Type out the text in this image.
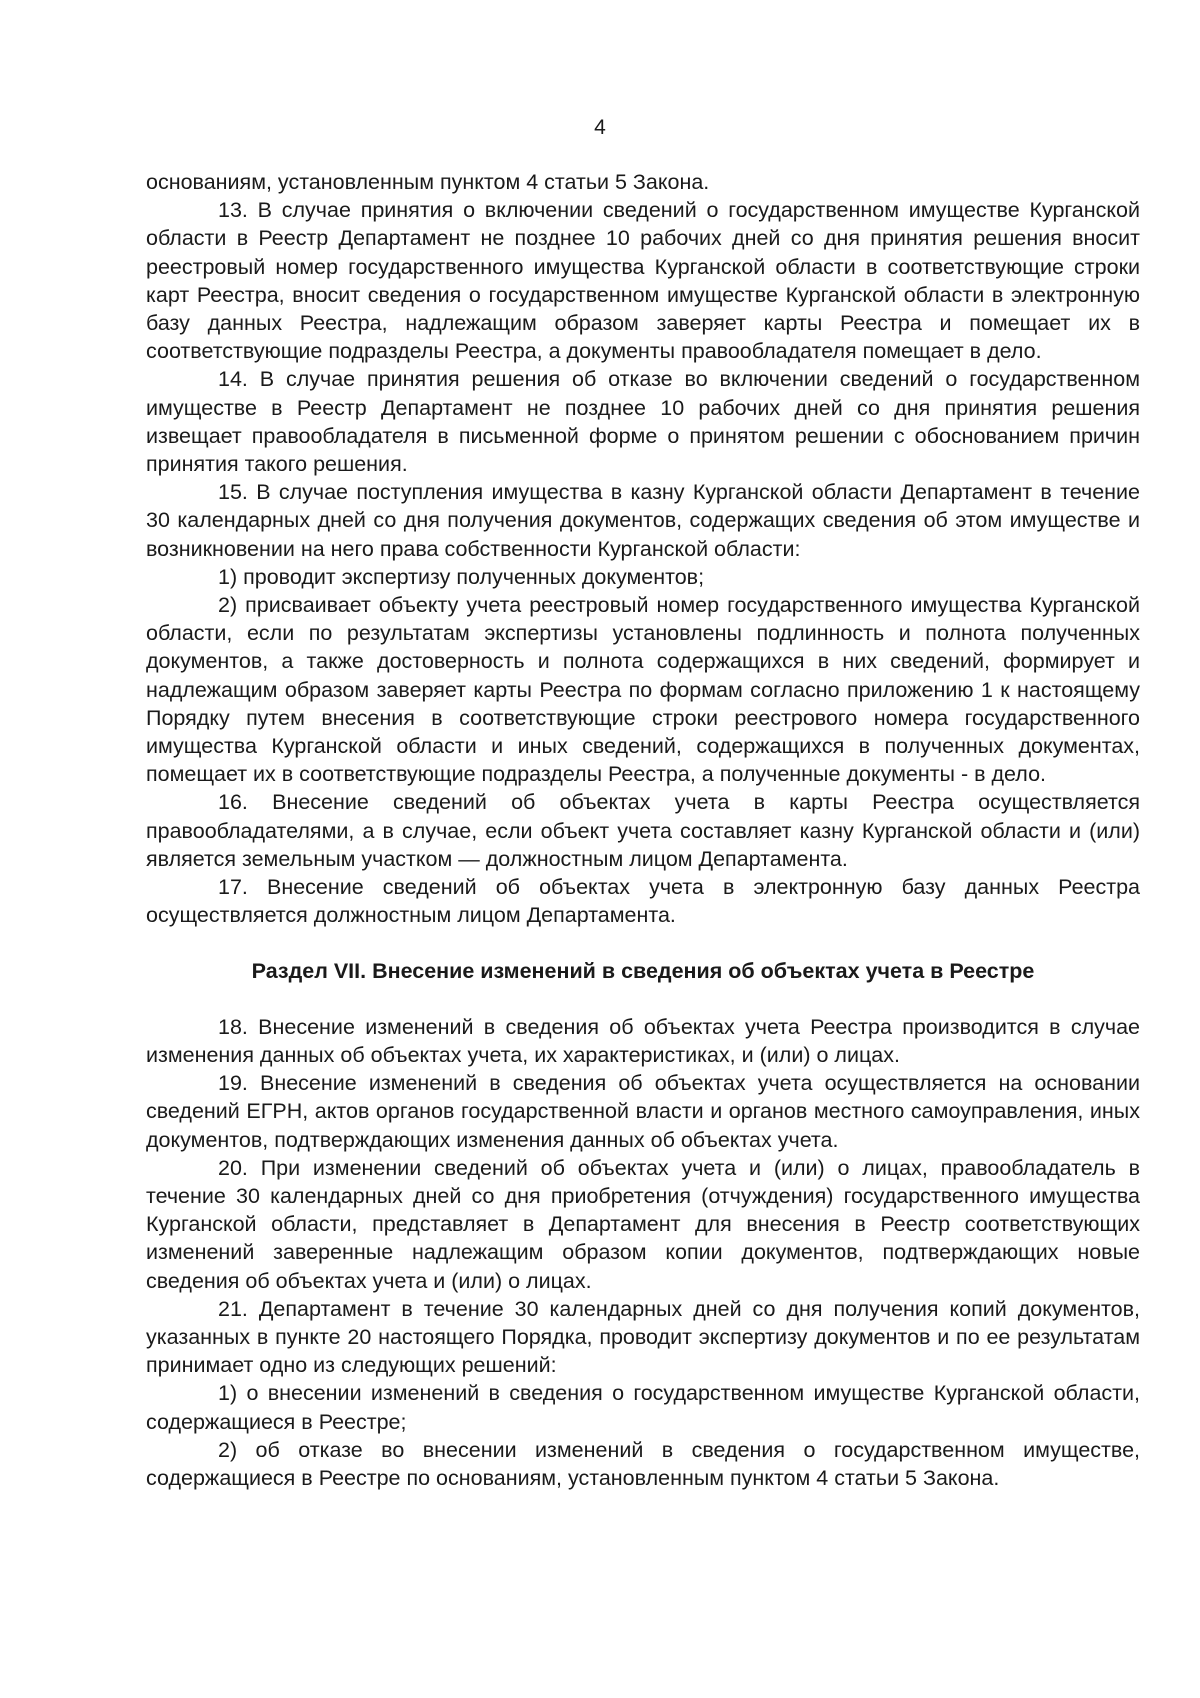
4

основаниям, установленным пунктом 4 статьи 5 Закона.

13. В случае принятия о включении сведений о государственном имуществе Курганской области в Реестр Департамент не позднее 10 рабочих дней со дня принятия решения вносит реестровый номер государственного имущества Курганской области в соответствующие строки карт Реестра, вносит сведения о государственном имуществе Курганской области в электронную базу данных Реестра, надлежащим образом заверяет карты Реестра и помещает их в соответствующие подразделы Реестра, а документы правообладателя помещает в дело.

14. В случае принятия решения об отказе во включении сведений о государственном имуществе в Реестр Департамент не позднее 10 рабочих дней со дня принятия решения извещает правообладателя в письменной форме о принятом решении с обоснованием причин принятия такого решения.

15. В случае поступления имущества в казну Курганской области Департамент в течение 30 календарных дней со дня получения документов, содержащих сведения об этом имуществе и возникновении на него права собственности Курганской области:

1) проводит экспертизу полученных документов;

2) присваивает объекту учета реестровый номер государственного имущества Курганской области, если по результатам экспертизы установлены подлинность и полнота полученных документов, а также достоверность и полнота содержащихся в них сведений, формирует и надлежащим образом заверяет карты Реестра по формам согласно приложению 1 к настоящему Порядку путем внесения в соответствующие строки реестрового номера государственного имущества Курганской области и иных сведений, содержащихся в полученных документах, помещает их в соответствующие подразделы Реестра, а полученные документы - в дело.

16. Внесение сведений об объектах учета в карты Реестра осуществляется правообладателями, а в случае, если объект учета составляет казну Курганской области и (или) является земельным участком — должностным лицом Департамента.

17. Внесение сведений об объектах учета в электронную базу данных Реестра осуществляется должностным лицом Департамента.

Раздел VII. Внесение изменений в сведения об объектах учета в Реестре

18. Внесение изменений в сведения об объектах учета Реестра производится в случае изменения данных об объектах учета, их характеристиках, и (или) о лицах.

19. Внесение изменений в сведения об объектах учета осуществляется на основании сведений ЕГРН, актов органов государственной власти и органов местного самоуправления, иных документов, подтверждающих изменения данных об объектах учета.

20. При изменении сведений об объектах учета и (или) о лицах, правообладатель в течение 30 календарных дней со дня приобретения (отчуждения) государственного имущества Курганской области, представляет в Департамент для внесения в Реестр соответствующих изменений заверенные надлежащим образом копии документов, подтверждающих новые сведения об объектах учета и (или) о лицах.

21. Департамент в течение 30 календарных дней со дня получения копий документов, указанных в пункте 20 настоящего Порядка, проводит экспертизу документов и по ее результатам принимает одно из следующих решений:

1) о внесении изменений в сведения о государственном имуществе Курганской области, содержащиеся в Реестре;

2) об отказе во внесении изменений в сведения о государственном имуществе, содержащиеся в Реестре по основаниям, установленным пунктом 4 статьи 5 Закона.
